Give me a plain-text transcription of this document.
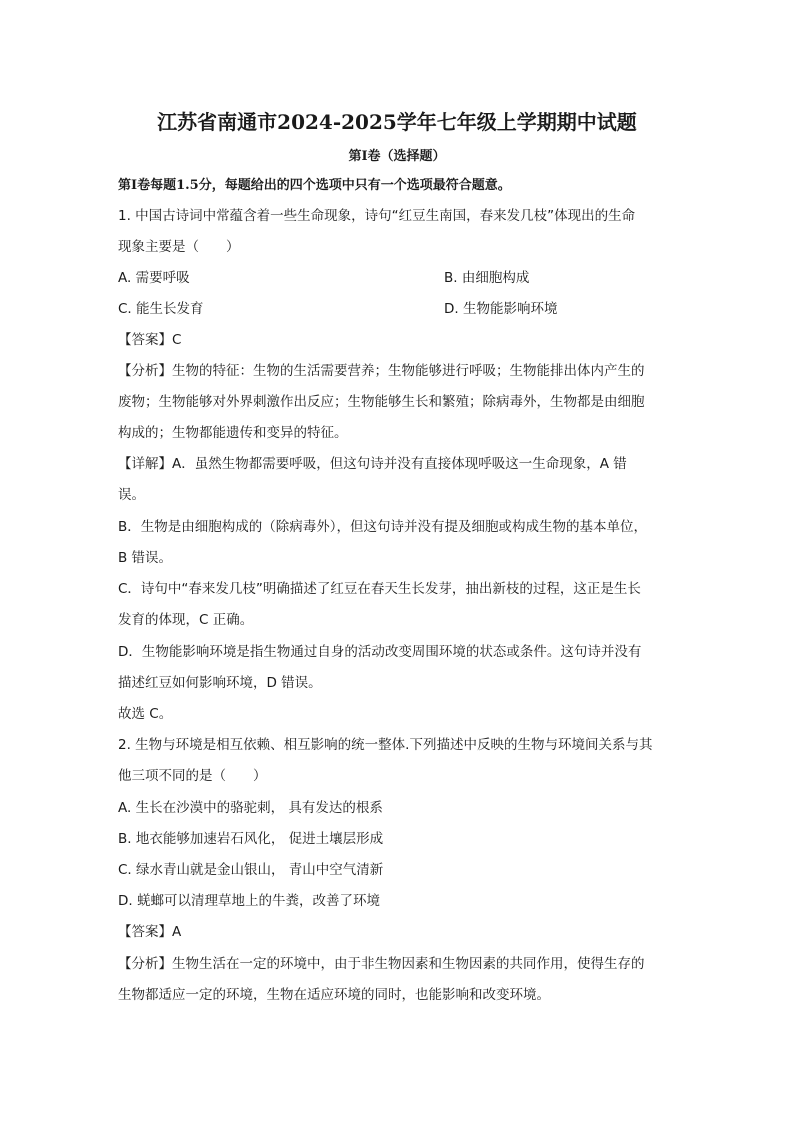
江苏省南通市2024-2025学年七年级上学期期中试题
第Ⅰ卷（选择题）
第Ⅰ卷每题1.5分，每题给出的四个选项中只有一个选项最符合题意。
1. 中国古诗词中常蕴含着一些生命现象，诗句“红豆生南国，春来发几枝”体现出的生命
现象主要是（　　）
A. 需要呼吸	B. 由细胞构成
C. 能生长发育	D. 生物能影响环境
【答案】C
【分析】生物的特征：生物的生活需要营养；生物能够进行呼吸；生物能排出体内产生的
废物；生物能够对外界刺激作出反应；生物能够生长和繁殖；除病毒外，生物都是由细胞
构成的；生物都能遗传和变异的特征。
【详解】A．虽然生物都需要呼吸，但这句诗并没有直接体现呼吸这一生命现象，A 错
误。
B．生物是由细胞构成的（除病毒外），但这句诗并没有提及细胞或构成生物的基本单位，
B 错误。
C．诗句中“春来发几枝”明确描述了红豆在春天生长发芽，抽出新枝的过程，这正是生长
发育的体现，C 正确。
D．生物能影响环境是指生物通过自身的活动改变周围环境的状态或条件。这句诗并没有
描述红豆如何影响环境，D 错误。
故选 C。
2. 生物与环境是相互依赖、相互影响的统一整体.下列描述中反映的生物与环境间关系与其
他三项不同的是（　　）
A. 生长在沙漠中的骆驼刺， 具有发达的根系
B. 地衣能够加速岩石风化， 促进土壤层形成
C. 绿水青山就是金山银山， 青山中空气清新
D. 蜣螂可以清理草地上的牛粪，改善了环境
【答案】A
【分析】生物生活在一定的环境中，由于非生物因素和生物因素的共同作用，使得生存的
生物都适应一定的环境，生物在适应环境的同时，也能影响和改变环境。
